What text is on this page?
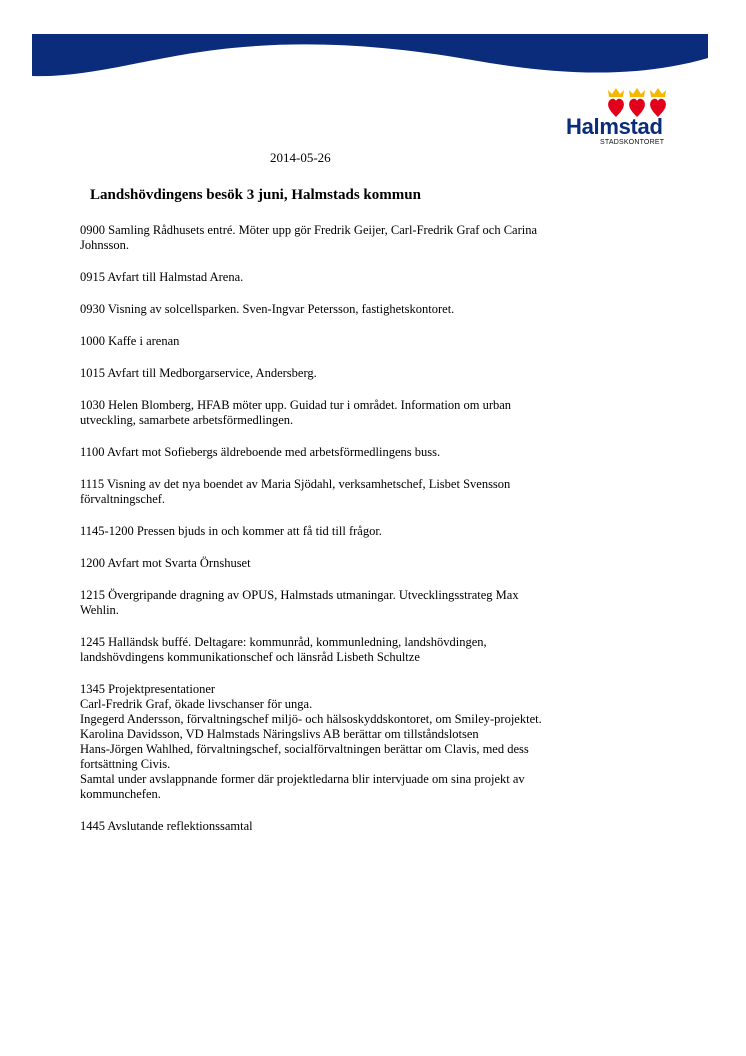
Halmstad
STADSKONTORET
2014-05-26
Landshövdingens besök 3 juni, Halmstads kommun
0900 Samling Rådhusets entré. Möter upp gör Fredrik Geijer, Carl-Fredrik Graf och Carina
Johnsson.
0915 Avfart till Halmstad Arena.
0930 Visning av solcellsparken. Sven-Ingvar Petersson, fastighetskontoret.
1000 Kaffe i arenan
1015 Avfart till Medborgarservice, Andersberg.
1030 Helen Blomberg, HFAB möter upp. Guidad tur i området. Information om urban
utveckling, samarbete arbetsförmedlingen.
1100 Avfart mot Sofiebergs äldreboende med arbetsförmedlingens buss.
1115 Visning av det nya boendet av Maria Sjödahl, verksamhetschef, Lisbet Svensson
förvaltningschef.
1145-1200 Pressen bjuds in och kommer att få tid till frågor.
1200 Avfart mot Svarta Örnshuset
1215 Övergripande dragning av OPUS, Halmstads utmaningar. Utvecklingsstrateg Max
Wehlin.
1245 Halländsk buffé. Deltagare: kommunråd, kommunledning, landshövdingen,
landshövdingens kommunikationschef och länsråd Lisbeth Schultze
1345 Projektpresentationer
Carl-Fredrik Graf, ökade livschanser för unga.
Ingegerd Andersson, förvaltningschef miljö- och hälsoskyddskontoret, om Smiley-projektet.
Karolina Davidsson, VD Halmstads Näringslivs AB berättar om tillståndslotsen
Hans-Jörgen Wahlhed, förvaltningschef, socialförvaltningen berättar om Clavis, med dess
fortsättning Civis.
Samtal under avslappnande former där projektledarna blir intervjuade om sina projekt av
kommunchefen.
1445 Avslutande reflektionssamtal
